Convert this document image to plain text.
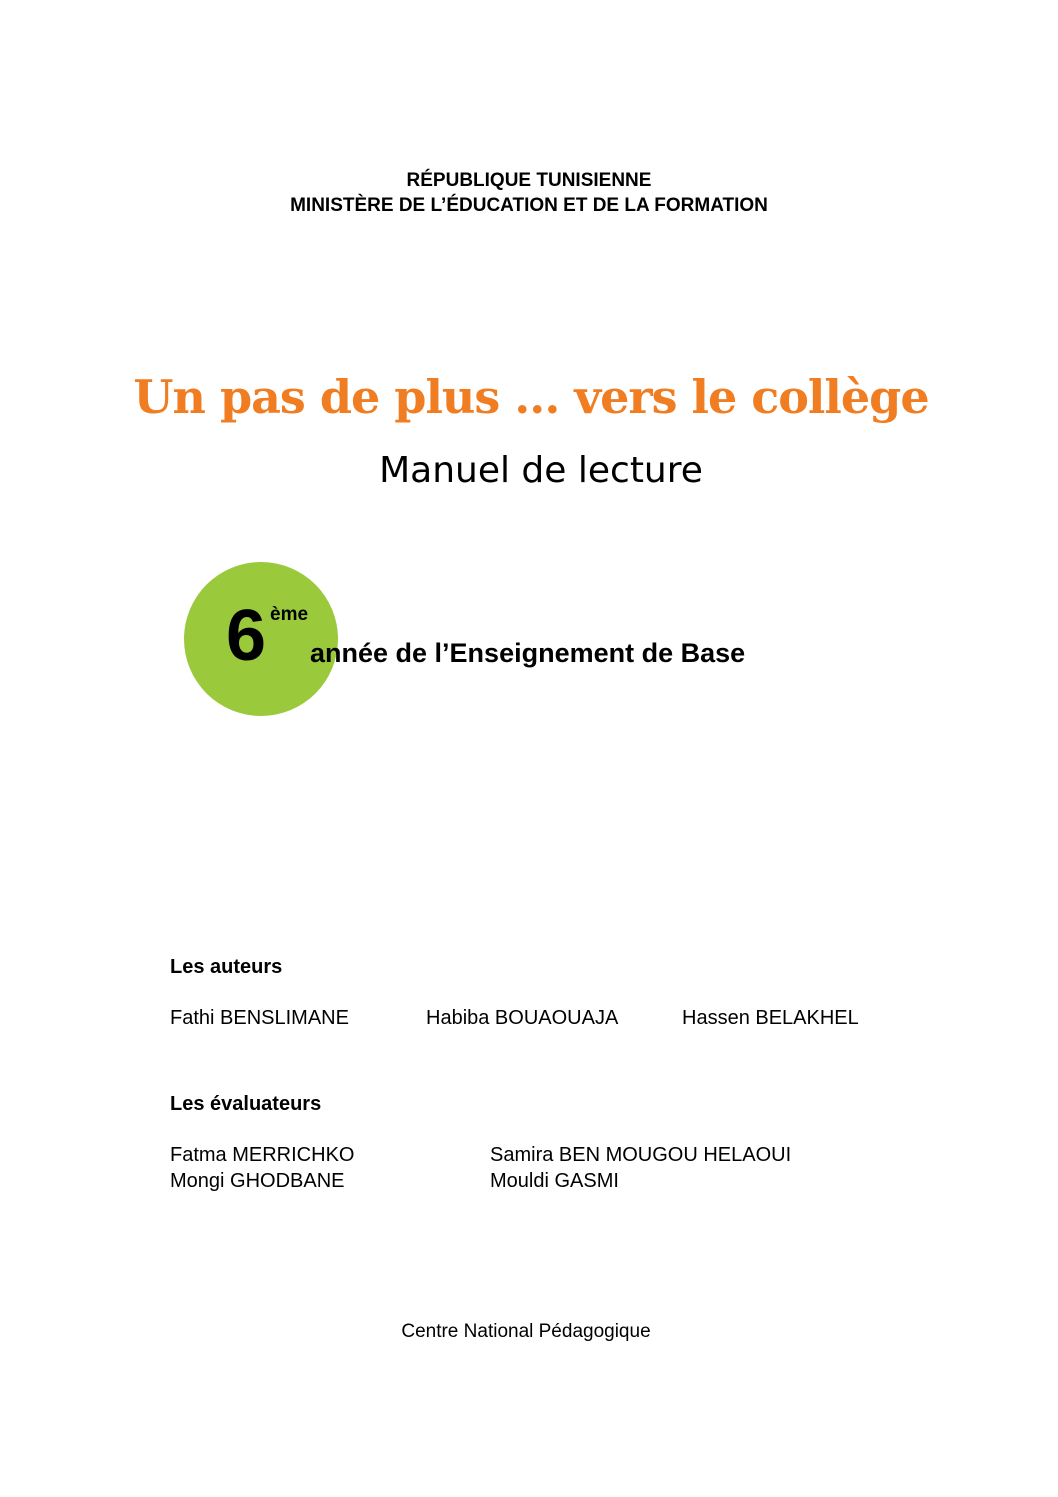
RÉPUBLIQUE TUNISIENNE
MINISTÈRE DE L’ÉDUCATION ET DE LA FORMATION
Un pas de plus ... vers le collège
Manuel de lecture
6 ème
année de l’Enseignement de Base
Les auteurs
Fathi BENSLIMANE	Habiba BOUAOUAJA	Hassen BELAKHEL
Les évaluateurs
Fatma MERRICHKO	Samira BEN MOUGOU HELAOUI
Mongi GHODBANE	Mouldi GASMI
Centre National Pédagogique
